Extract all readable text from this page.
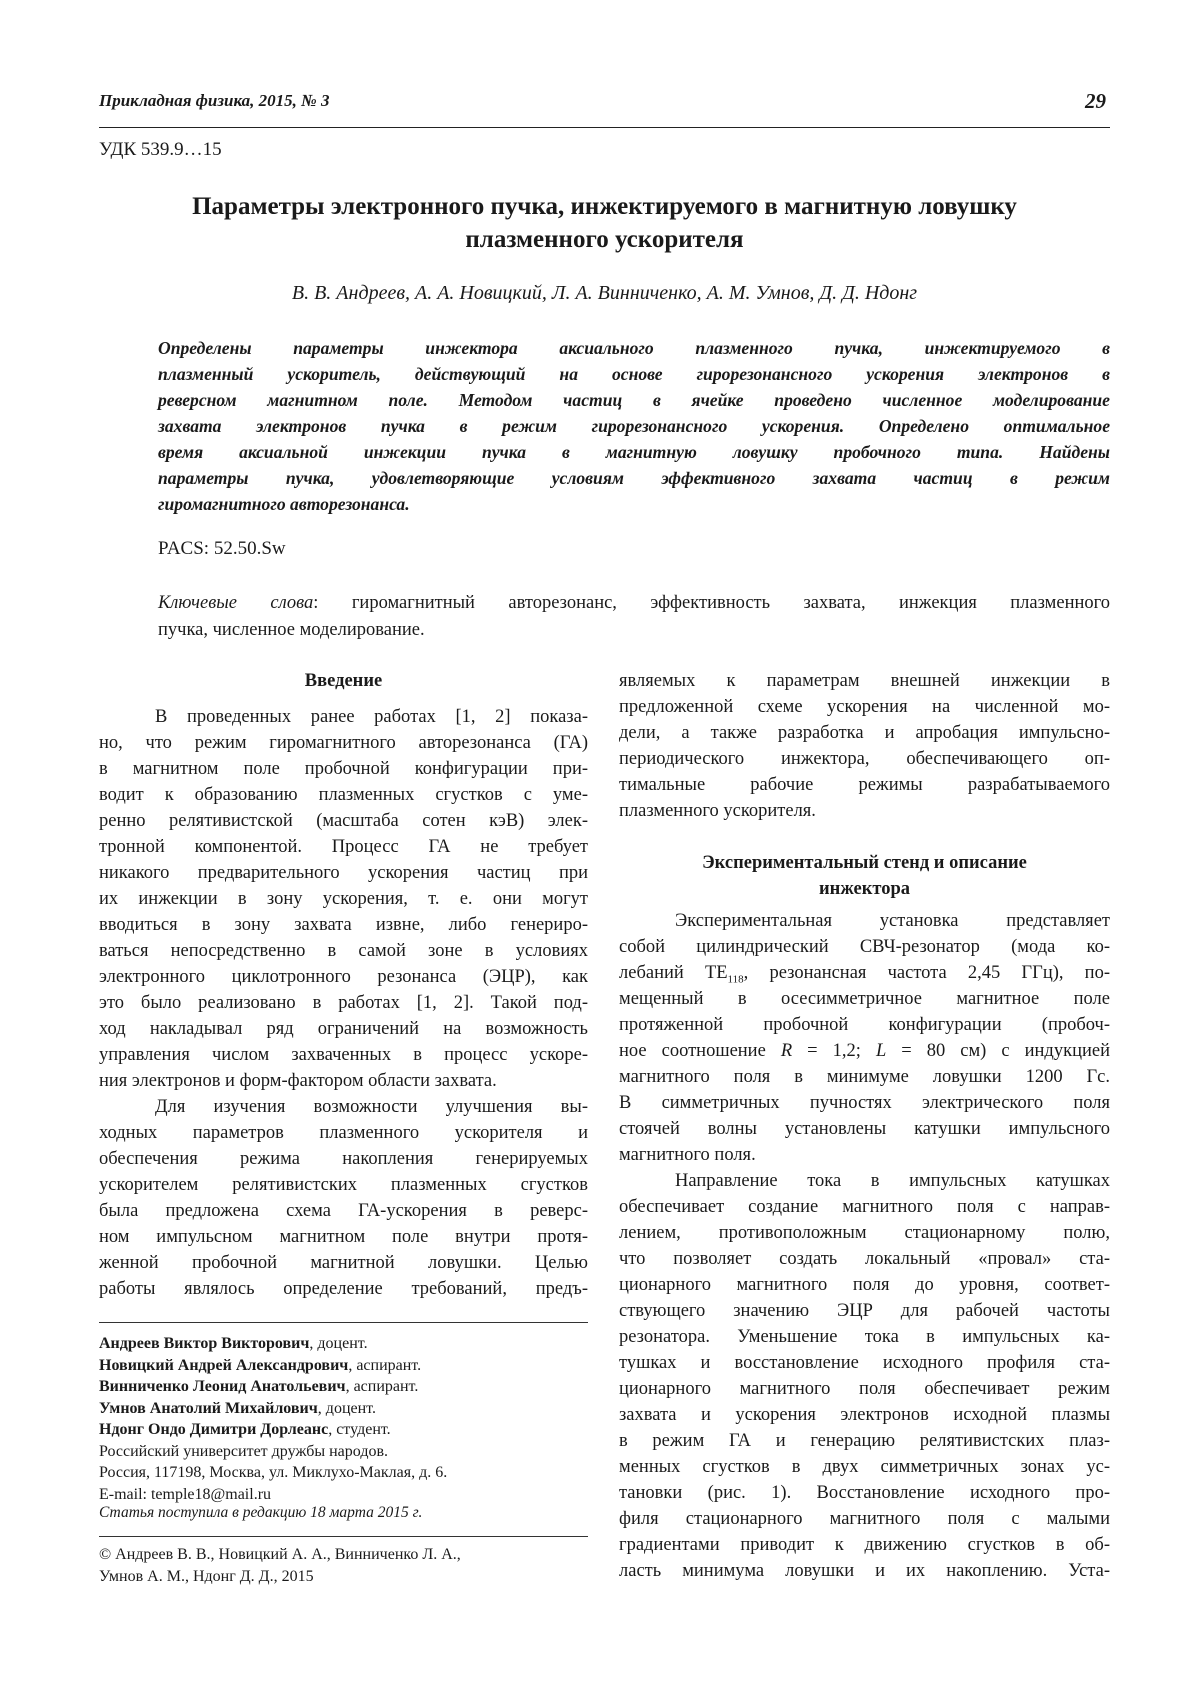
Прикладная физика, 2015, № 3	29
УДК 539.9…15
Параметры электронного пучка, инжектируемого в магнитную ловушку
плазменного ускорителя
В. В. Андреев, А. А. Новицкий, Л. А. Винниченко, А. М. Умнов, Д. Д. Ндонг
Определены параметры инжектора аксиального плазменного пучка, инжектируемого в
плазменный ускоритель, действующий на основе гирорезонансного ускорения электронов в
реверсном магнитном поле. Методом частиц в ячейке проведено численное моделирование
захвата электронов пучка в режим гирорезонансного ускорения. Определено оптимальное
время аксиальной инжекции пучка в магнитную ловушку пробочного типа. Найдены
параметры пучка, удовлетворяющие условиям эффективного захвата частиц в режим
гиромагнитного авторезонанса.
PACS: 52.50.Sw
Ключевые слова: гиромагнитный авторезонанс, эффективность захвата, инжекция плазменного
пучка, численное моделирование.
Введение
В проведенных ранее работах [1, 2] показа-
но, что режим гиромагнитного авторезонанса (ГА)
в магнитном поле пробочной конфигурации при-
водит к образованию плазменных сгустков с уме-
ренно релятивистской (масштаба сотен кэВ) элек-
тронной компонентой. Процесс ГА не требует
никакого предварительного ускорения частиц при
их инжекции в зону ускорения, т. е. они могут
вводиться в зону захвата извне, либо генериро-
ваться непосредственно в самой зоне в условиях
электронного циклотронного резонанса (ЭЦР), как
это было реализовано в работах [1, 2]. Такой под-
ход накладывал ряд ограничений на возможность
управления числом захваченных в процесс ускоре-
ния электронов и форм-фактором области захвата.
Для изучения возможности улучшения вы-
ходных параметров плазменного ускорителя и
обеспечения режима накопления генерируемых
ускорителем релятивистских плазменных сгустков
была предложена схема ГА-ускорения в реверс-
ном импульсном магнитном поле внутри протя-
женной пробочной магнитной ловушки. Целью
работы являлось определение требований, предъ-
Андреев Виктор Викторович, доцент.
Новицкий Андрей Александрович, аспирант.
Винниченко Леонид Анатольевич, аспирант.
Умнов Анатолий Михайлович, доцент.
Ндонг Ондо Димитри Дорлеанс, студент.
Российский университет дружбы народов.
Россия, 117198, Москва, ул. Миклухо-Маклая, д. 6.
E-mail: temple18@mail.ru
Статья поступила в редакцию 18 марта 2015 г.
© Андреев В. В., Новицкий А. А., Винниченко Л. А.,
Умнов А. М., Ндонг Д. Д., 2015
являемых к параметрам внешней инжекции в
предложенной схеме ускорения на численной мо-
дели, а также разработка и апробация импульсно-
периодического инжектора, обеспечивающего оп-
тимальные рабочие режимы разрабатываемого
плазменного ускорителя.
Экспериментальный стенд и описание
инжектора
Экспериментальная установка представляет
собой цилиндрический СВЧ-резонатор (мода ко-
лебаний $TE_{118}$, резонансная частота 2,45 ГГц), по-
мещенный в осесимметричное магнитное поле
протяженной пробочной конфигурации (пробоч-
ное соотношение R = 1,2; L = 80 см) с индукцией
магнитного поля в минимуме ловушки 1200 Гс.
В симметричных пучностях электрического поля
стоячей волны установлены катушки импульсного
магнитного поля.
Направление тока в импульсных катушках
обеспечивает создание магнитного поля с направ-
лением, противоположным стационарному полю,
что позволяет создать локальный «провал» ста-
ционарного магнитного поля до уровня, соответ-
ствующего значению ЭЦР для рабочей частоты
резонатора. Уменьшение тока в импульсных ка-
тушках и восстановление исходного профиля ста-
ционарного магнитного поля обеспечивает режим
захвата и ускорения электронов исходной плазмы
в режим ГА и генерацию релятивистских плаз-
менных сгустков в двух симметричных зонах ус-
тановки (рис. 1). Восстановление исходного про-
филя стационарного магнитного поля с малыми
градиентами приводит к движению сгустков в об-
ласть минимума ловушки и их накоплению. Уста-
